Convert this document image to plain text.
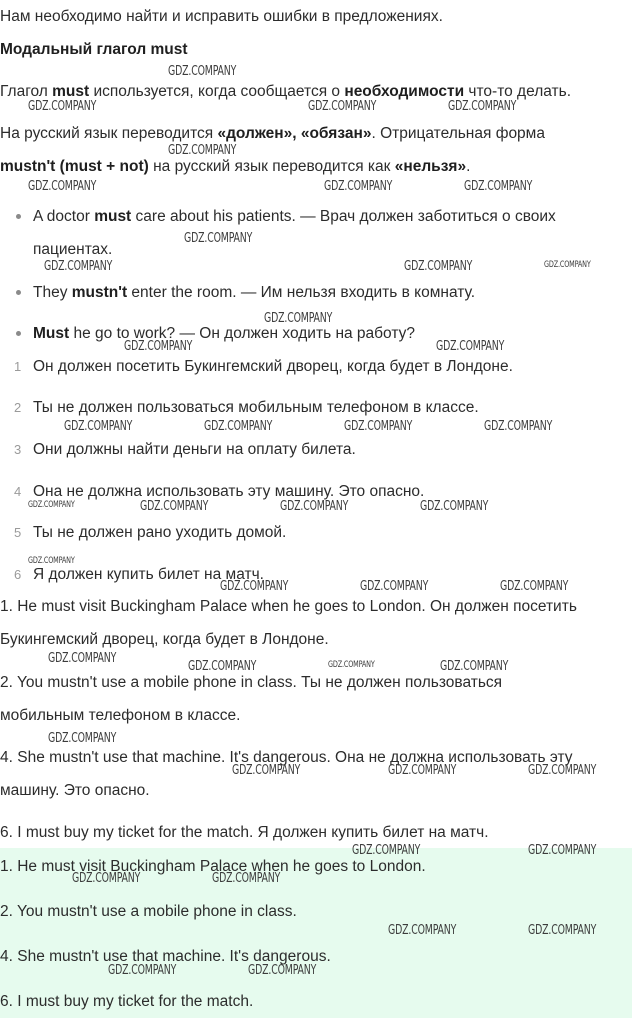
Нам необходимо найти и исправить ошибки в предложениях.
Модальный глагол must
Глагол must используется, когда сообщается о необходимости что-то делать.
На русский язык переводится «должен», «обязан». Отрицательная форма
mustn't (must + not) на русский язык переводится как «нельзя».
A doctor must care about his patients. — Врач должен заботиться о своих
пациентах.
They mustn't enter the room. — Им нельзя входить в комнату.
Must he go to work? — Он должен ходить на работу?
1 Он должен посетить Букингемский дворец, когда будет в Лондоне.
2 Ты не должен пользоваться мобильным телефоном в классе.
3 Они должны найти деньги на оплату билета.
4 Она не должна использовать эту машину. Это опасно.
5 Ты не должен рано уходить домой.
6 Я должен купить билет на матч.
1. He must visit Buckingham Palace when he goes to London. Он должен посетить
Букингемский дворец, когда будет в Лондоне.
2. You mustn't use a mobile phone in class. Ты не должен пользоваться
мобильным телефоном в классе.
4. She mustn't use that machine. It's dangerous. Она не должна использовать эту
машину. Это опасно.
6. I must buy my ticket for the match. Я должен купить билет на матч.
1. He must visit Buckingham Palace when he goes to London.
2. You mustn't use a mobile phone in class.
4. She mustn't use that machine. It's dangerous.
6. I must buy my ticket for the match.
GDZ.COMPANY
GDZ.COMPANY	GDZ.COMPANY	GDZ.COMPANY
GDZ.COMPANY
GDZ.COMPANY	GDZ.COMPANY	GDZ.COMPANY
GDZ.COMPANY
GDZ.COMPANY	GDZ.COMPANY	GDZ.COMPANY
GDZ.COMPANY
GDZ.COMPANY	GDZ.COMPANY
GDZ.COMPANY	GDZ.COMPANY	GDZ.COMPANY	GDZ.COMPANY
GDZ.COMPANY	GDZ.COMPANY	GDZ.COMPANY	GDZ.COMPANY
GDZ.COMPANY
GDZ.COMPANY	GDZ.COMPANY	GDZ.COMPANY
GDZ.COMPANY
GDZ.COMPANY	GDZ.COMPANY	GDZ.COMPANY
GDZ.COMPANY
GDZ.COMPANY	GDZ.COMPANY	GDZ.COMPANY
GDZ.COMPANY	GDZ.COMPANY
GDZ.COMPANY	GDZ.COMPANY
GDZ.COMPANY	GDZ.COMPANY
GDZ.COMPANY	GDZ.COMPANY
